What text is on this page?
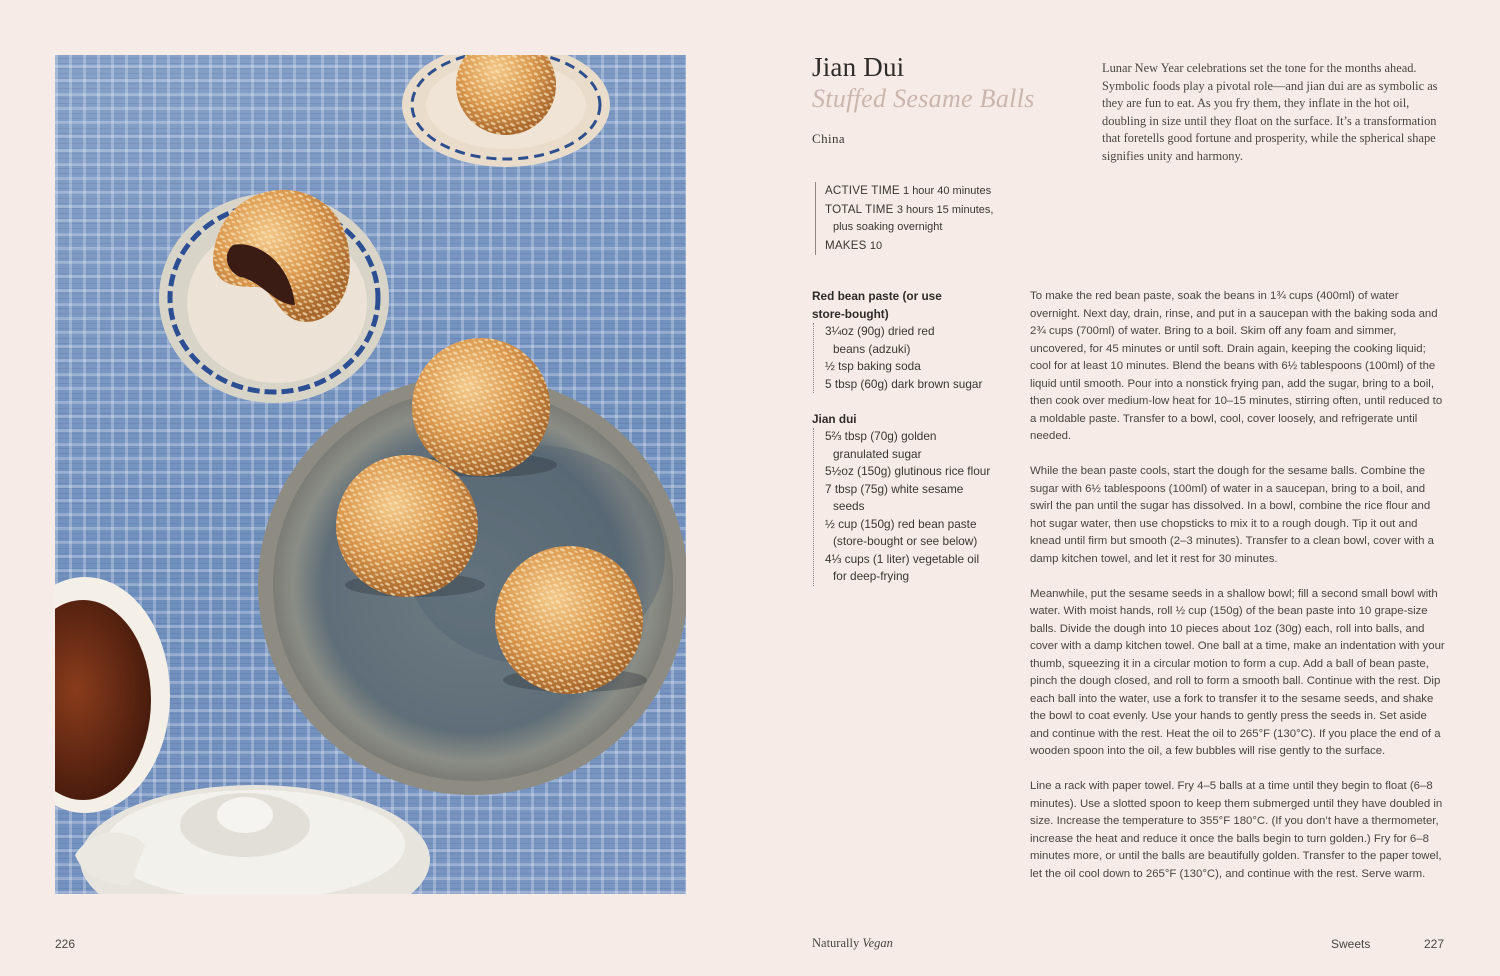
226
Jian Dui
Stuffed Sesame Balls
China

Lunar New Year celebrations set the tone for the months ahead. Symbolic foods play a pivotal role—and jian dui are as symbolic as they are fun to eat. As you fry them, they inflate in the hot oil, doubling in size until they float on the surface. It’s a transformation that foretells good fortune and prosperity, while the spherical shape signifies unity and harmony.

ACTIVE TIME 1 hour 40 minutes
TOTAL TIME 3 hours 15 minutes,
plus soaking overnight
MAKES 10
Red bean paste (or use
store-bought)
3¼oz (90g) dried red
beans (adzuki)
½ tsp baking soda
5 tbsp (60g) dark brown sugar
Jian dui
5⅔ tbsp (70g) golden
granulated sugar
5½oz (150g) glutinous rice flour
7 tbsp (75g) white sesame
seeds
½ cup (150g) red bean paste
(store-bought or see below)
4⅓ cups (1 liter) vegetable oil
for deep-frying

To make the red bean paste, soak the beans in 1¾ cups (400ml) of water overnight. Next day, drain, rinse, and put in a saucepan with the baking soda and 2¾ cups (700ml) of water. Bring to a boil. Skim off any foam and simmer, uncovered, for 45 minutes or until soft. Drain again, keeping the cooking liquid; cool for at least 10 minutes. Blend the beans with 6½ tablespoons (100ml) of the liquid until smooth. Pour into a nonstick frying pan, add the sugar, bring to a boil, then cook over medium-low heat for 10–15 minutes, stirring often, until reduced to a moldable paste. Transfer to a bowl, cool, cover loosely, and refrigerate until needed.

While the bean paste cools, start the dough for the sesame balls. Combine the sugar with 6½ tablespoons (100ml) of water in a saucepan, bring to a boil, and swirl the pan until the sugar has dissolved. In a bowl, combine the rice flour and hot sugar water, then use chopsticks to mix it to a rough dough. Tip it out and knead until firm but smooth (2–3 minutes). Transfer to a clean bowl, cover with a damp kitchen towel, and let it rest for 30 minutes.

Meanwhile, put the sesame seeds in a shallow bowl; fill a second small bowl with water. With moist hands, roll ½ cup (150g) of the bean paste into 10 grape-size balls. Divide the dough into 10 pieces about 1oz (30g) each, roll into balls, and cover with a damp kitchen towel. One ball at a time, make an indentation with your thumb, squeezing it in a circular motion to form a cup. Add a ball of bean paste, pinch the dough closed, and roll to form a smooth ball. Continue with the rest. Dip each ball into the water, use a fork to transfer it to the sesame seeds, and shake the bowl to coat evenly. Use your hands to gently press the seeds in. Set aside and continue with the rest. Heat the oil to 265°F (130°C). If you place the end of a wooden spoon into the oil, a few bubbles will rise gently to the surface.

Line a rack with paper towel. Fry 4–5 balls at a time until they begin to float (6–8 minutes). Use a slotted spoon to keep them submerged until they have doubled in size. Increase the temperature to 355°F 180°C. (If you don’t have a thermometer, increase the heat and reduce it once the balls begin to turn golden.) Fry for 6–8 minutes more, or until the balls are beautifully golden. Transfer to the paper towel, let the oil cool down to 265°F (130°C), and continue with the rest. Serve warm.

Naturally Vegan	Sweets	227
